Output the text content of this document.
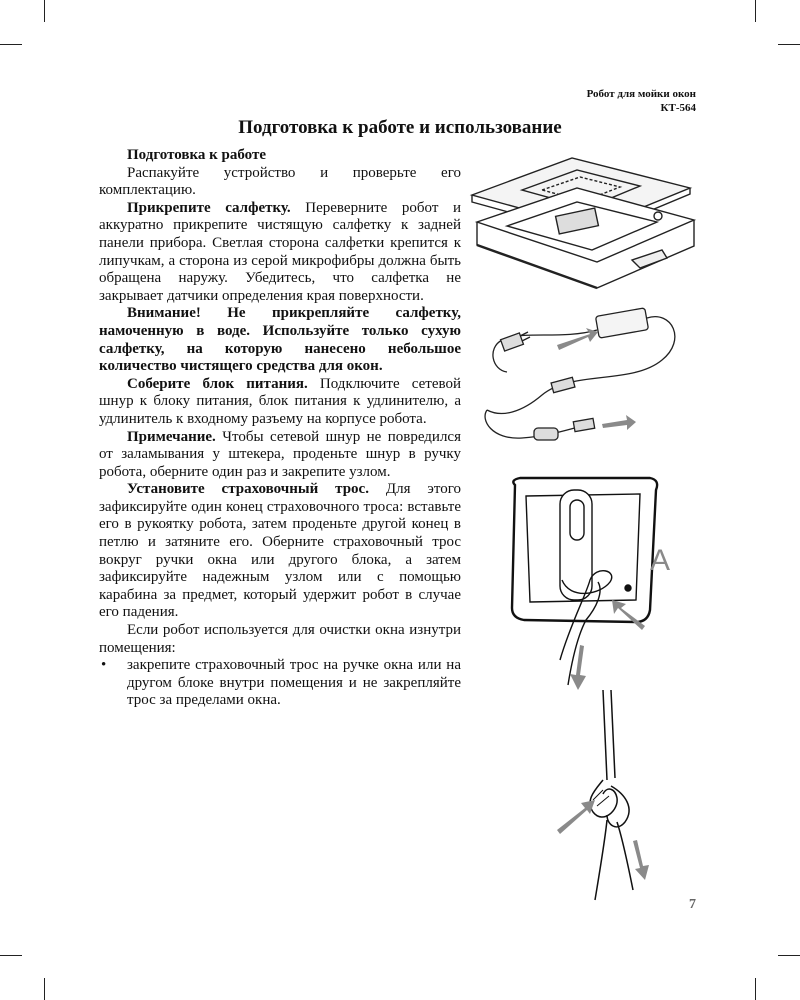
Робот для мойки окон
КТ-564
Подготовка к работе и использование

Подготовка к работе

Распакуйте устройство и проверьте его комплектацию.

Прикрепите салфетку. Переверните робот и аккуратно прикрепите чистящую салфетку к задней панели прибора. Светлая сторона салфетки крепится к липучкам, а сторона из серой микрофибры должна быть обращена наружу. Убедитесь, что салфетка не закрывает датчики определения края поверхности.

Внимание! Не прикрепляйте салфетку, намоченную в воде. Используйте только сухую салфетку, на которую нанесено небольшое количество чистящего средства для окон.

Соберите блок питания. Подключите сетевой шнур к блоку питания, блок питания к удлинителю, а удлинитель к входному разъему на корпусе робота.

Примечание. Чтобы сетевой шнур не повредился от заламывания у штекера, проденьте шнур в ручку робота, оберните один раз и закрепите узлом.

Установите страховочный трос. Для этого зафиксируйте один конец страховочного троса: вставьте его в рукоятку робота, затем проденьте другой конец в петлю и затяните его. Оберните страховочный трос вокруг ручки окна или другого блока, а затем зафиксируйте надежным узлом или с помощью карабина за предмет, который удержит робот в случае его падения.

Если робот используется для очистки окна изнутри помещения:

• закрепите страховочный трос на ручке окна или на другом блоке внутри помещения и не закрепляйте трос за пределами окна.
A
7
